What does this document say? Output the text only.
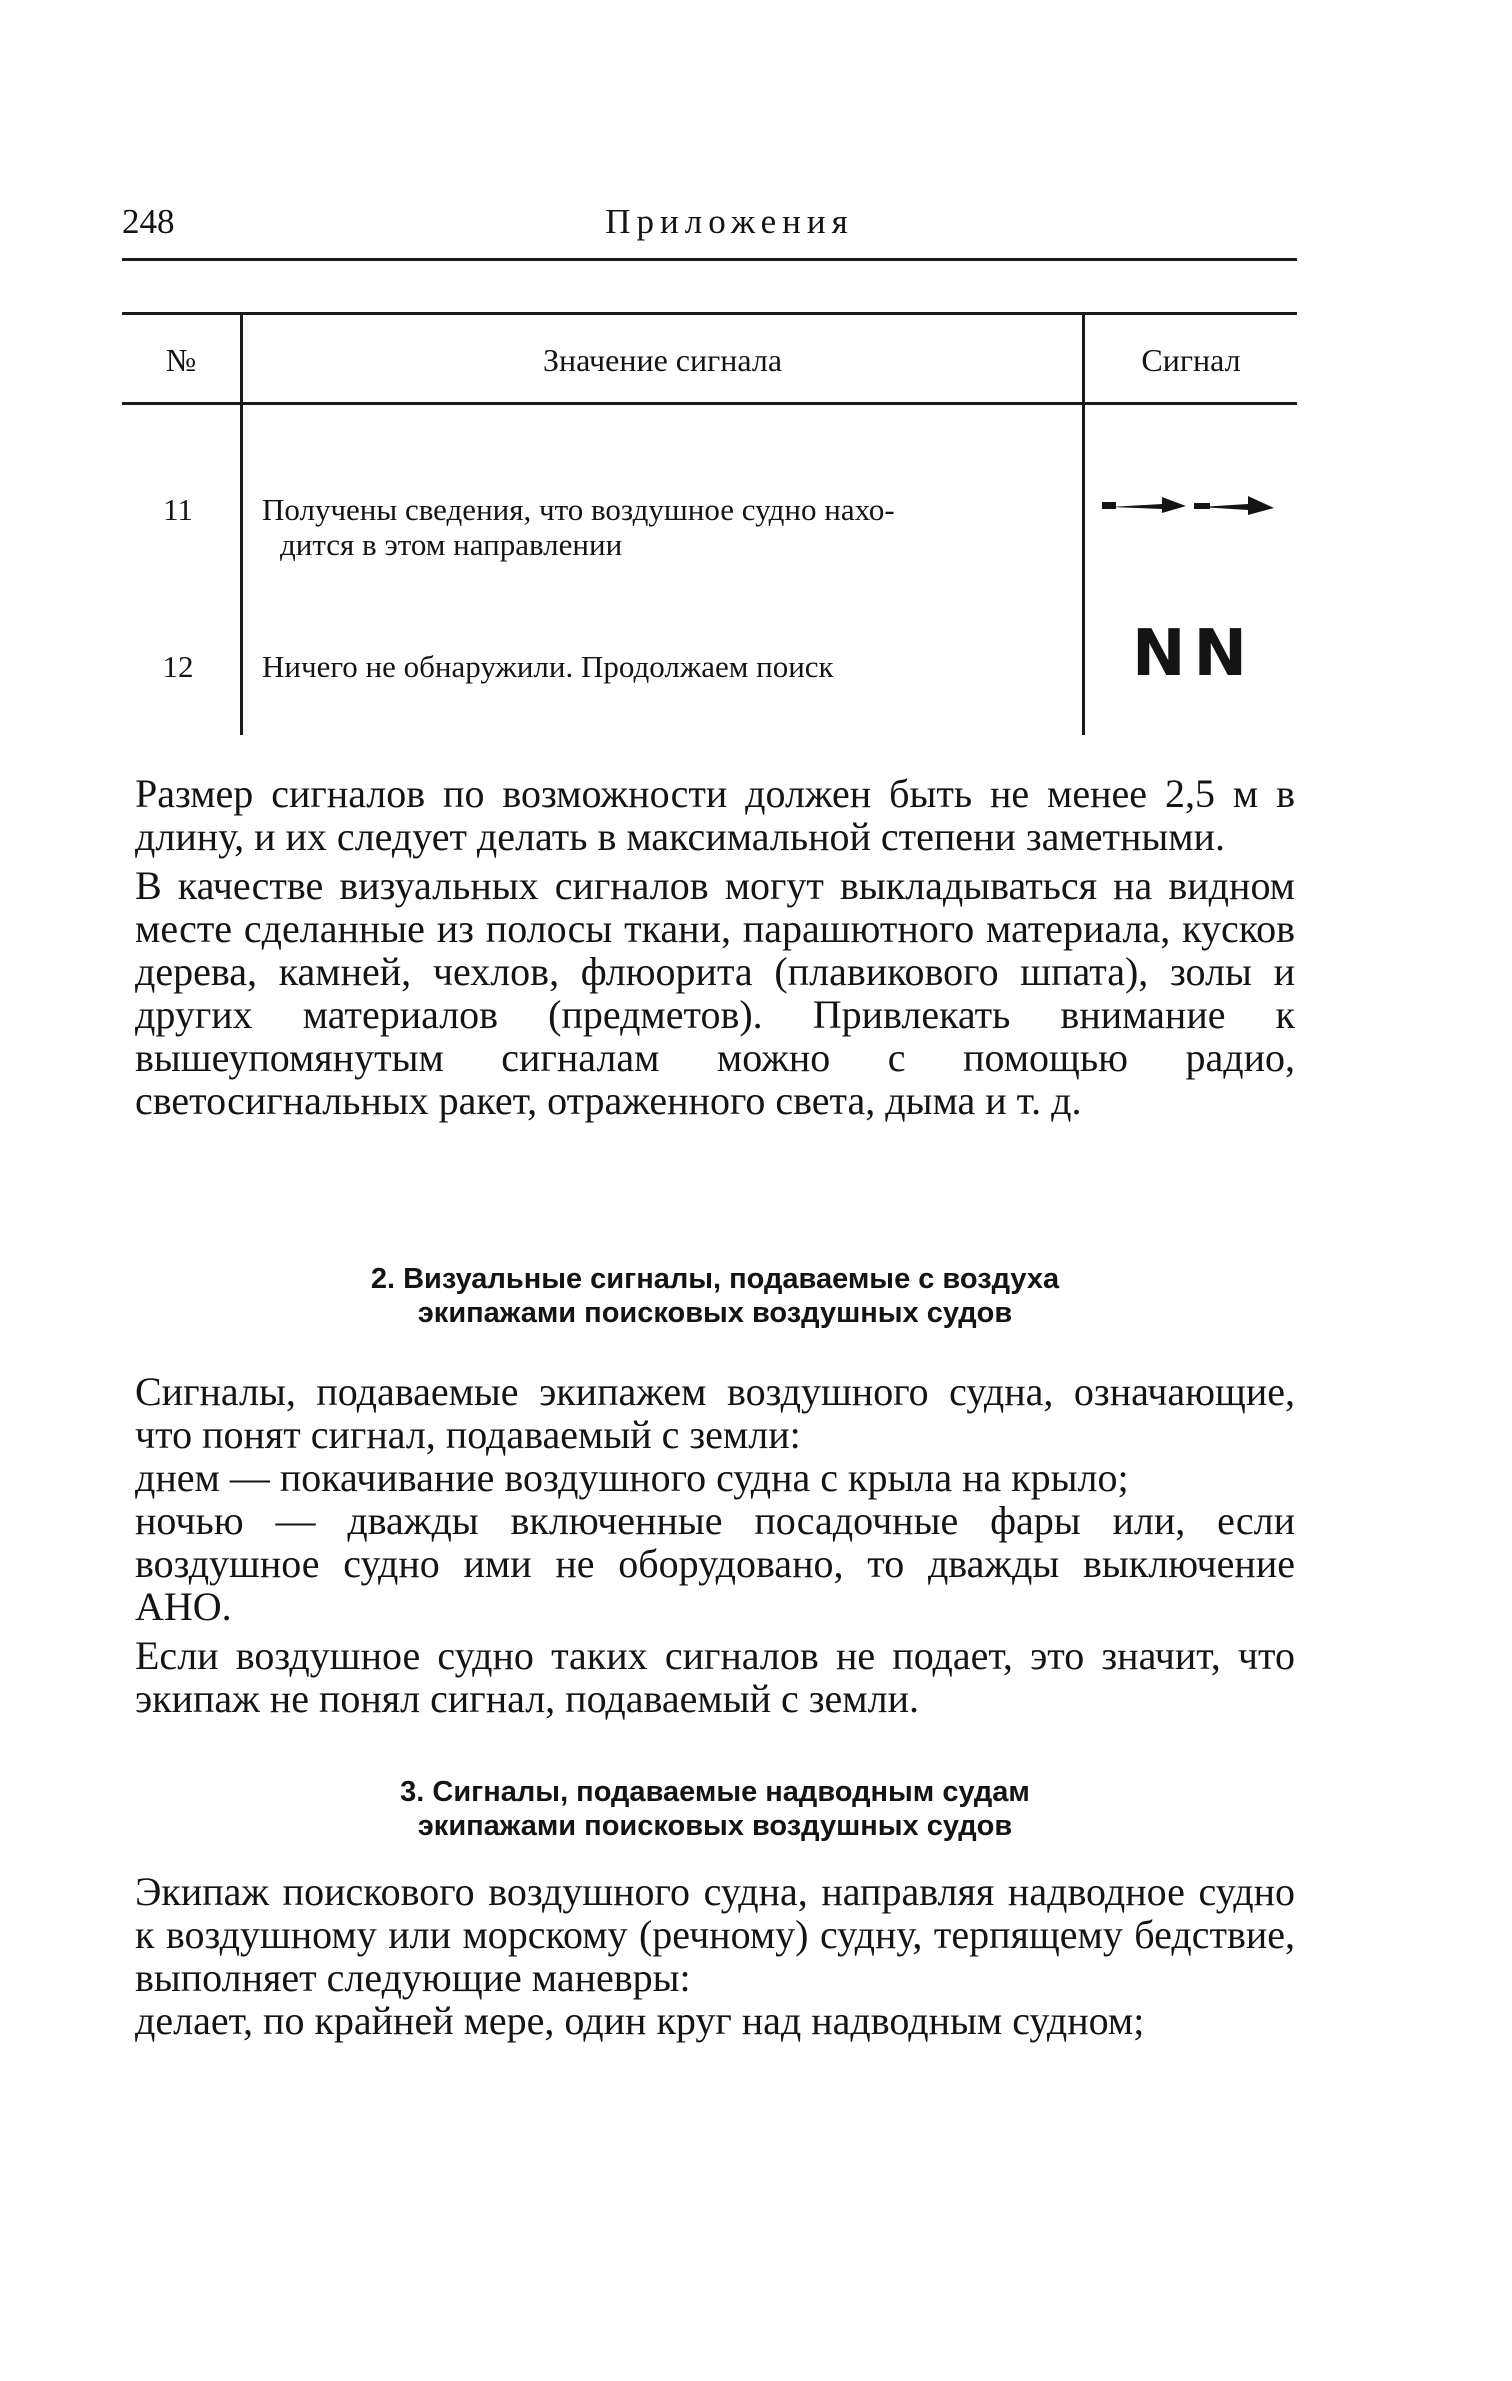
248	Приложения
№	Значение сигнала	Сигнал
11	Получены сведения, что воздушное судно нахо-
дится в этом направлении
12	Ничего не обнаружили. Продолжаем поиск	NN

Размер сигналов по возможности должен быть не менее 2,5 м в длину, и их следует делать в максимальной степени заметными.

В качестве визуальных сигналов могут выкладываться на видном месте сделанные из полосы ткани, парашютного материала, кусков дерева, камней, чехлов, флюорита (плавикового шпата), золы и других материалов (предметов). Привлекать внимание к вышеупомянутым сигналам можно с помощью радио, светосигнальных ракет, отраженного света, дыма и т. д.

2. Визуальные сигналы, подаваемые с воздуха
экипажами поисковых воздушных судов

Сигналы, подаваемые экипажем воздушного судна, означающие, что понят сигнал, подаваемый с земли:

днем — покачивание воздушного судна с крыла на крыло;

ночью — дважды включенные посадочные фары или, если воздушное судно ими не оборудовано, то дважды выключение АНО.

Если воздушное судно таких сигналов не подает, это значит, что экипаж не понял сигнал, подаваемый с земли.

3. Сигналы, подаваемые надводным судам
экипажами поисковых воздушных судов

Экипаж поискового воздушного судна, направляя надводное судно к воздушному или морскому (речному) судну, терпящему бедствие, выполняет следующие маневры:

делает, по крайней мере, один круг над надводным судном;
